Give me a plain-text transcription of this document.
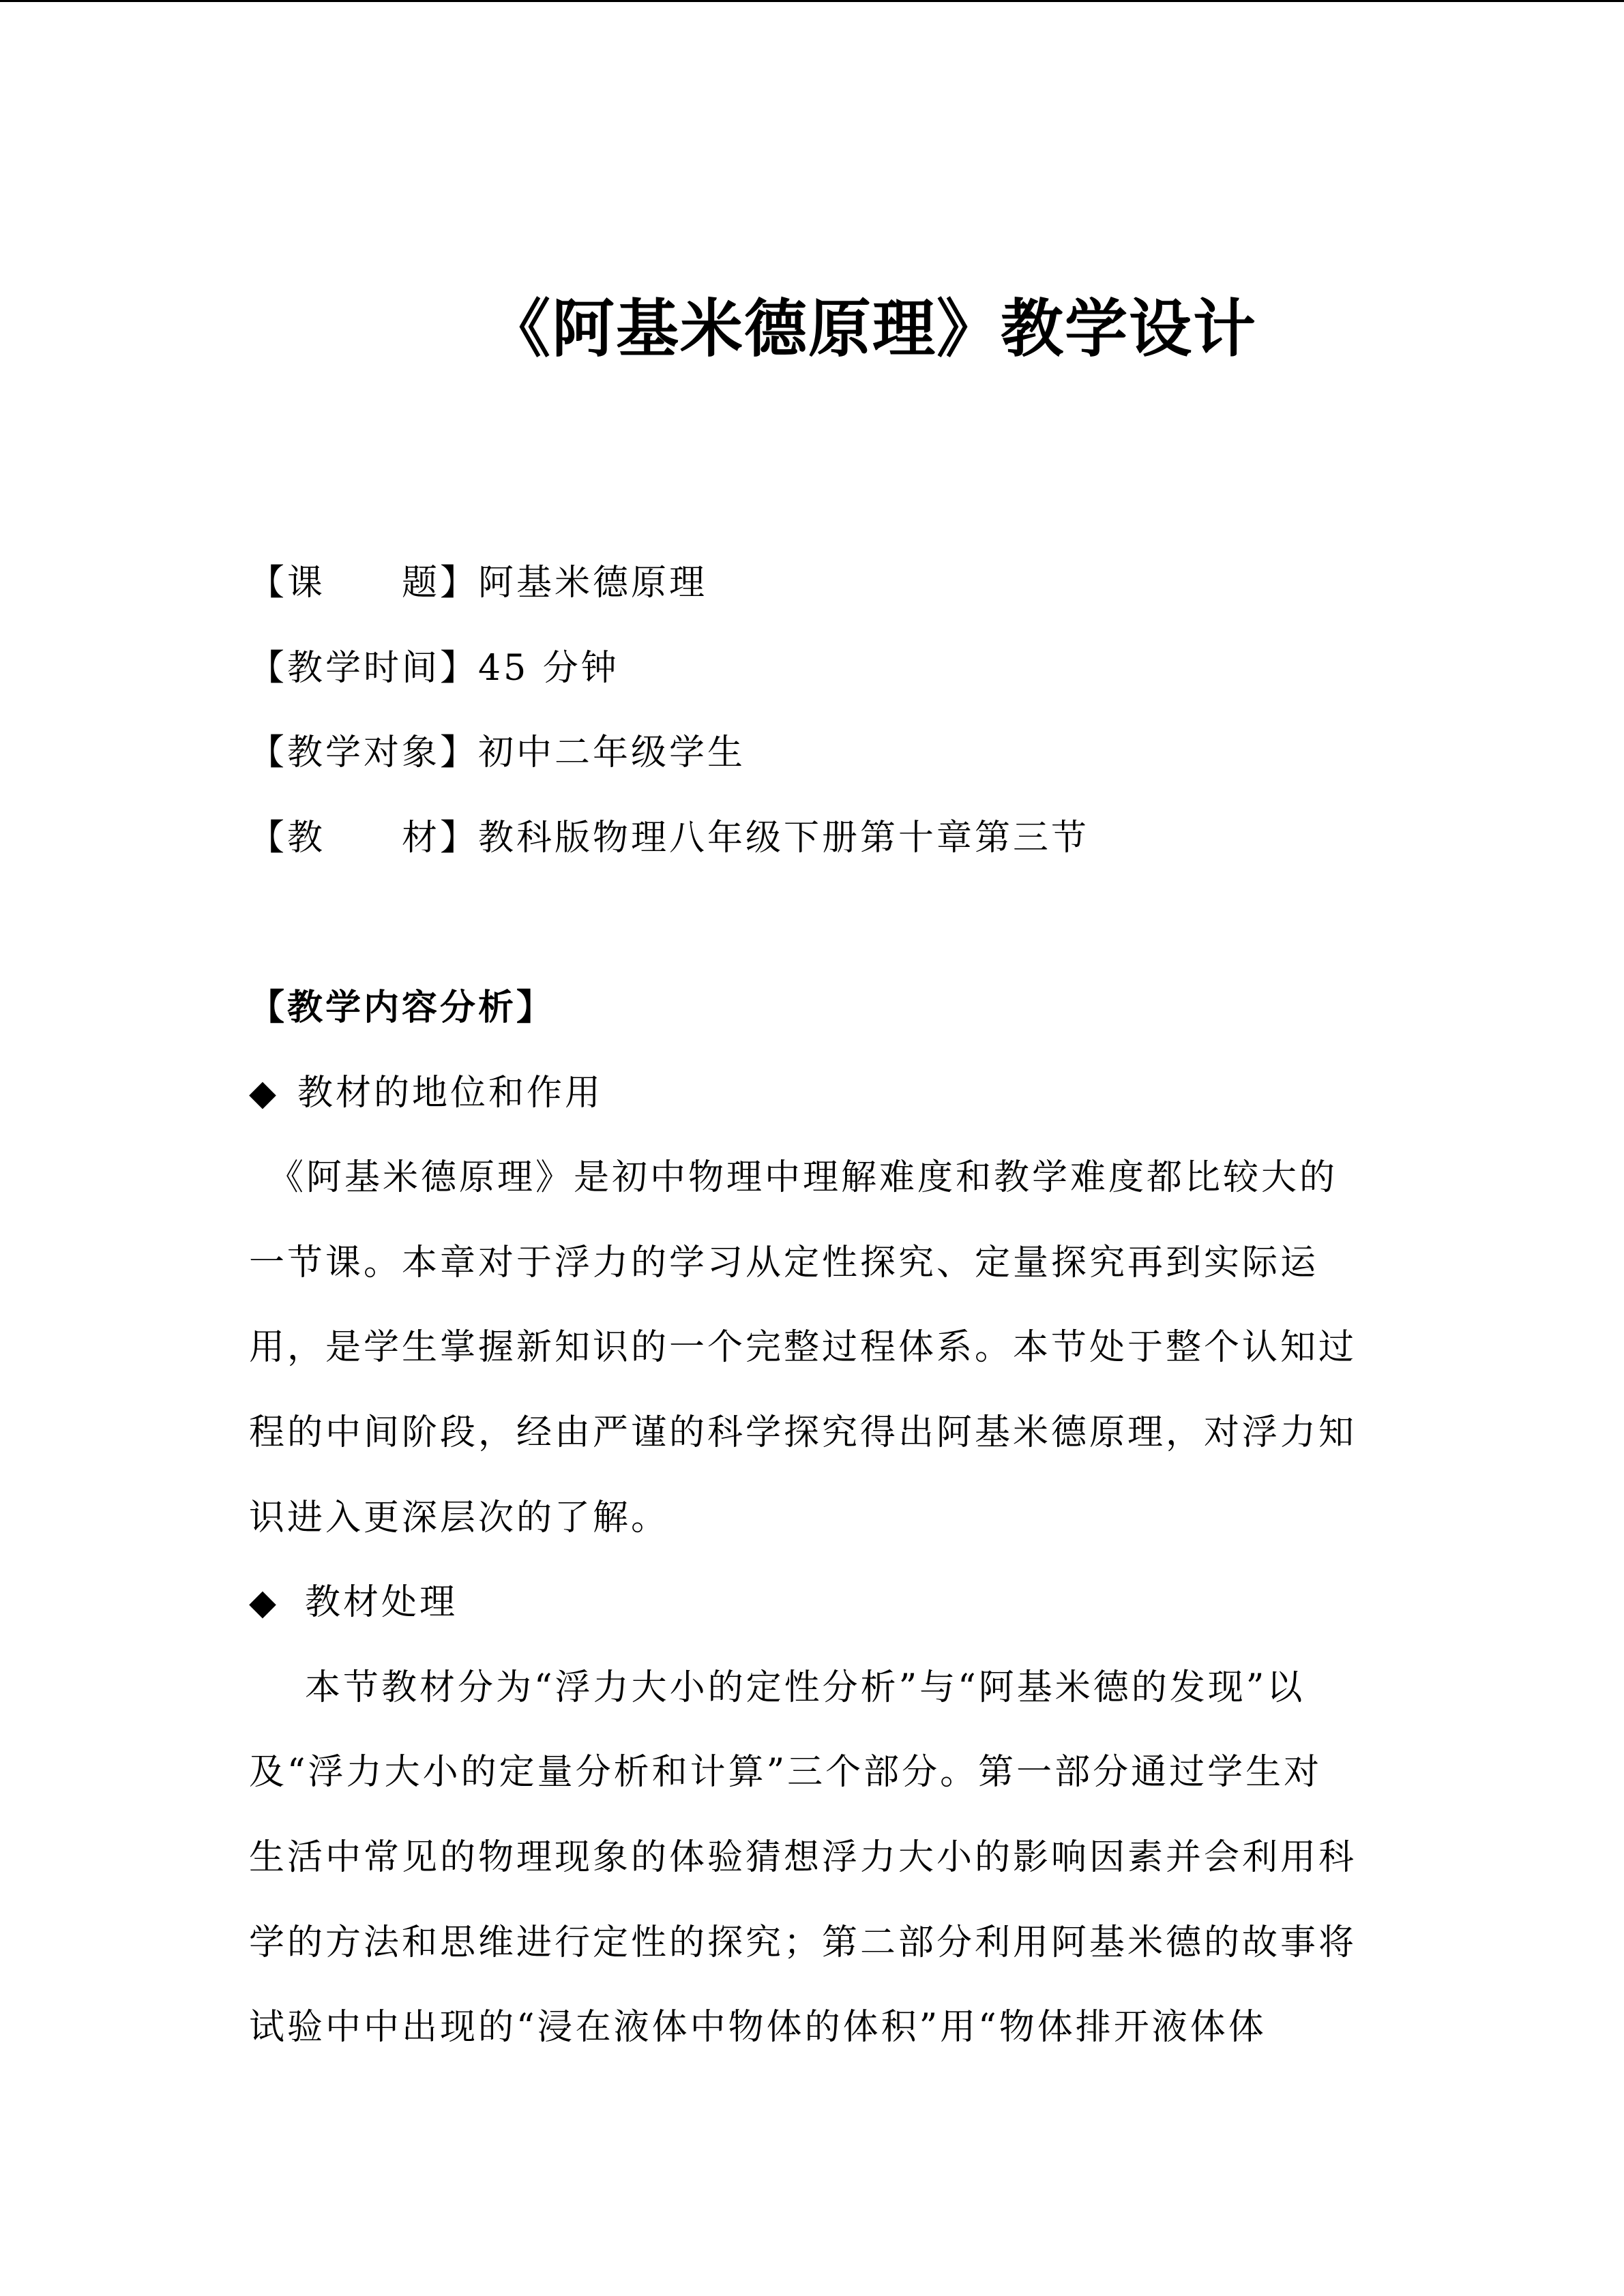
《阿基米德原理》教学设计
【课　　题】阿基米德原理
【教学时间】45 分钟
【教学对象】初中二年级学生
【教　　材】教科版物理八年级下册第十章第三节
【教学内容分析】
◆ 教材的地位和作用
《阿基米德原理》是初中物理中理解难度和教学难度都比较大的
一节课。本章对于浮力的学习从定性探究、定量探究再到实际运
用，是学生掌握新知识的一个完整过程体系。本节处于整个认知过
程的中间阶段，经由严谨的科学探究得出阿基米德原理，对浮力知
识进入更深层次的了解。
◆ 教材处理
本节教材分为“浮力大小的定性分析”与“阿基米德的发现”以
及“浮力大小的定量分析和计算”三个部分。第一部分通过学生对
生活中常见的物理现象的体验猜想浮力大小的影响因素并会利用科
学的方法和思维进行定性的探究；第二部分利用阿基米德的故事将
试验中中出现的“浸在液体中物体的体积”用“物体排开液体体
